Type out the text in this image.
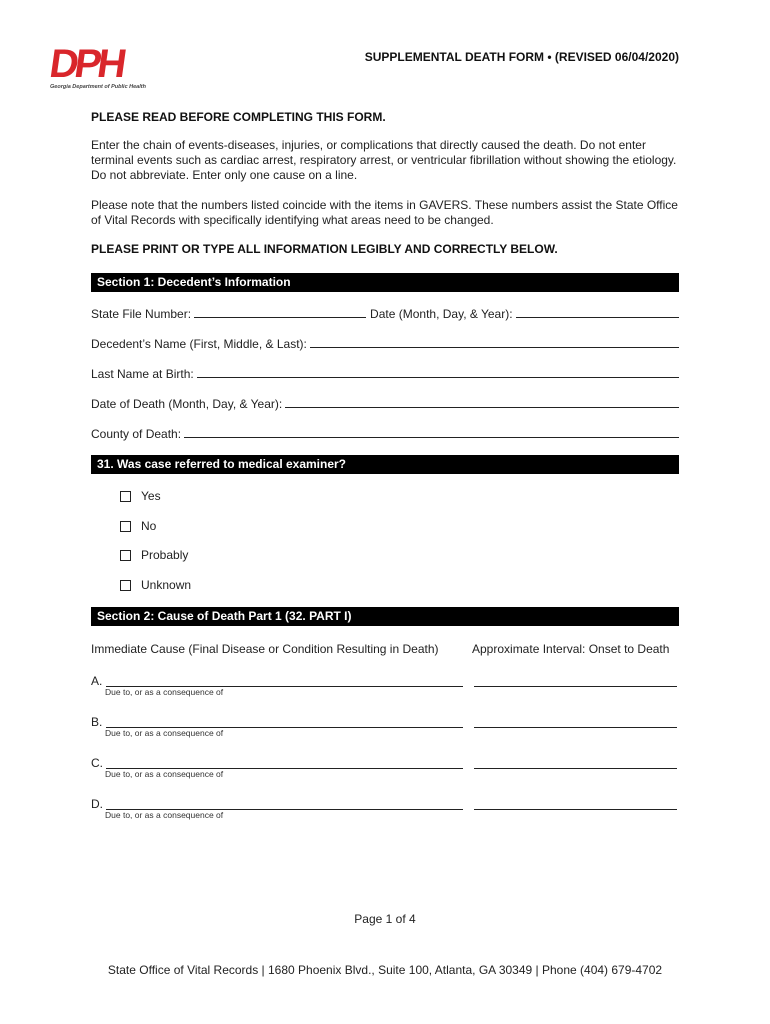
DPH
Georgia Department of Public Health
SUPPLEMENTAL DEATH FORM • (REVISED 06/04/2020)
PLEASE READ BEFORE COMPLETING THIS FORM.
Enter the chain of events-diseases, injuries, or complications that directly caused the death. Do not enter terminal events such as cardiac arrest, respiratory arrest, or ventricular fibrillation without showing the etiology. Do not abbreviate. Enter only one cause on a line.
Please note that the numbers listed coincide with the items in GAVERS. These numbers assist the State Office of Vital Records with specifically identifying what areas need to be changed.
PLEASE PRINT OR TYPE ALL INFORMATION LEGIBLY AND CORRECTLY BELOW.
Section 1: Decedent’s Information
State File Number:	Date (Month, Day, & Year):
Decedent’s Name (First, Middle, & Last):
Last Name at Birth:
Date of Death (Month, Day, & Year):
County of Death:
31. Was case referred to medical examiner?
Yes
No
Probably
Unknown
Section 2: Cause of Death Part 1 (32. PART I)
Immediate Cause (Final Disease or Condition Resulting in Death)	Approximate Interval: Onset to Death
A.
Due to, or as a consequence of
B.
Due to, or as a consequence of
C.
Due to, or as a consequence of
D.
Due to, or as a consequence of
Page 1 of 4
State Office of Vital Records | 1680 Phoenix Blvd., Suite 100, Atlanta, GA 30349 | Phone (404) 679-4702
